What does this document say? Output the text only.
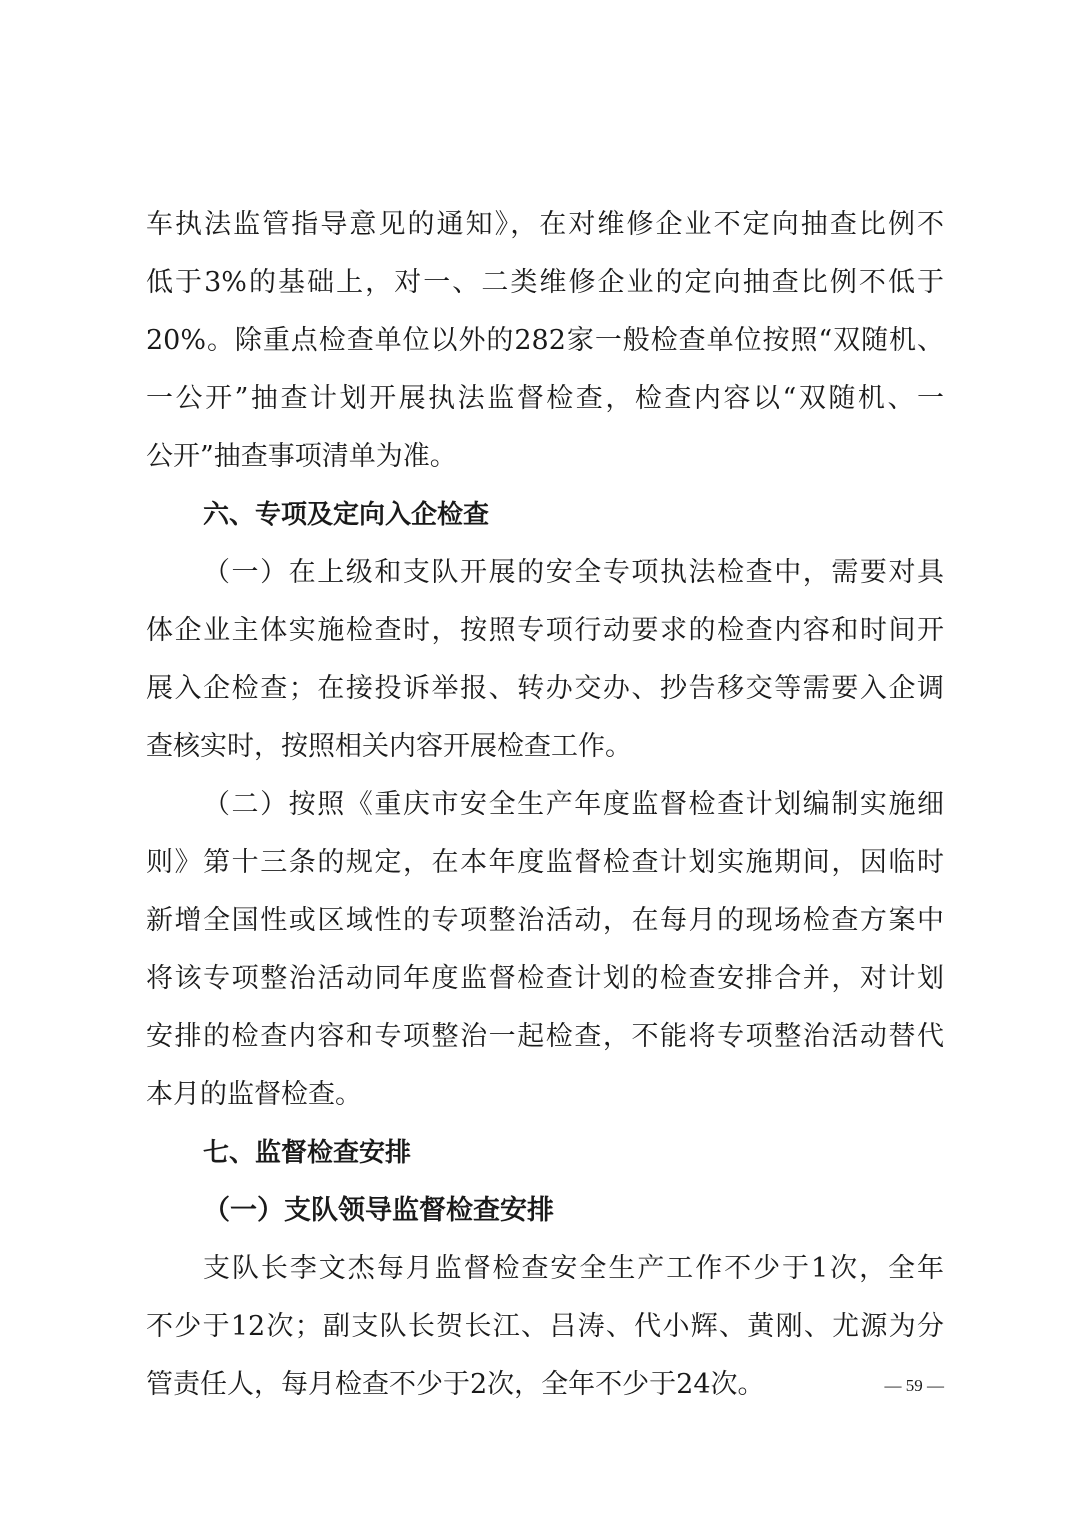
车执法监管指导意见的通知》，在对维修企业不定向抽查比例不
低于3%的基础上，对一、二类维修企业的定向抽查比例不低于
20%。除重点检查单位以外的282家一般检查单位按照“双随机、
一公开”抽查计划开展执法监督检查，检查内容以“双随机、一
公开”抽查事项清单为准。
六、专项及定向入企检查
（一）在上级和支队开展的安全专项执法检查中，需要对具
体企业主体实施检查时，按照专项行动要求的检查内容和时间开
展入企检查；在接投诉举报、转办交办、抄告移交等需要入企调
查核实时，按照相关内容开展检查工作。
（二）按照《重庆市安全生产年度监督检查计划编制实施细
则》第十三条的规定，在本年度监督检查计划实施期间，因临时
新增全国性或区域性的专项整治活动，在每月的现场检查方案中
将该专项整治活动同年度监督检查计划的检查安排合并，对计划
安排的检查内容和专项整治一起检查，不能将专项整治活动替代
本月的监督检查。
七、监督检查安排
（一）支队领导监督检查安排
支队长李文杰每月监督检查安全生产工作不少于1次，全年
不少于12次；副支队长贺长江、吕涛、代小辉、黄刚、尤源为分
管责任人，每月检查不少于2次，全年不少于24次。	— 59 —
